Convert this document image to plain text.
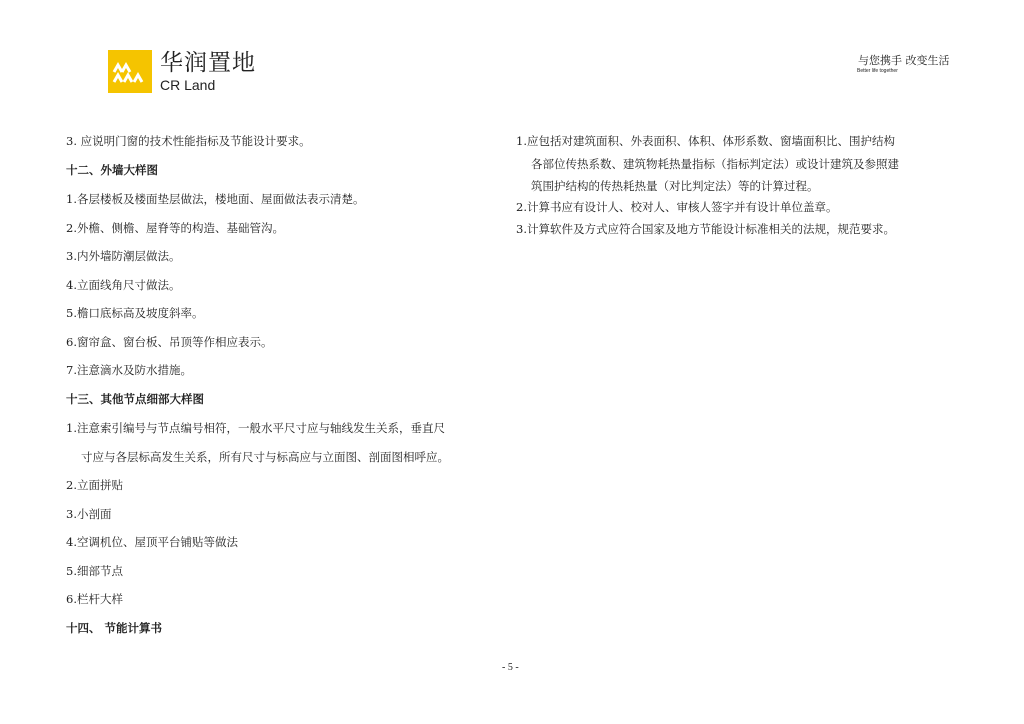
华润置地
CR Land
与您携手 改变生活
Better life together
3. 应说明门窗的技术性能指标及节能设计要求。
十二、外墙大样图
1.各层楼板及楼面垫层做法，楼地面、屋面做法表示清楚。
2.外檐、侧檐、屋脊等的构造、基础管沟。
3.内外墙防潮层做法。
4.立面线角尺寸做法。
5.檐口底标高及坡度斜率。
6.窗帘盒、窗台板、吊顶等作相应表示。
7.注意滴水及防水措施。
十三、其他节点细部大样图
1.注意索引编号与节点编号相符，一般水平尺寸应与轴线发生关系，垂直尺
寸应与各层标高发生关系，所有尺寸与标高应与立面图、剖面图相呼应。
2.立面拼贴
3.小剖面
4.空调机位、屋顶平台铺贴等做法
5.细部节点
6.栏杆大样
十四、 节能计算书
1.应包括对建筑面积、外表面积、体积、体形系数、窗墙面积比、围护结构
各部位传热系数、建筑物耗热量指标（指标判定法）或设计建筑及参照建
筑围护结构的传热耗热量（对比判定法）等的计算过程。
2.计算书应有设计人、校对人、审核人签字并有设计单位盖章。
3.计算软件及方式应符合国家及地方节能设计标准相关的法规，规范要求。
- 5 -
